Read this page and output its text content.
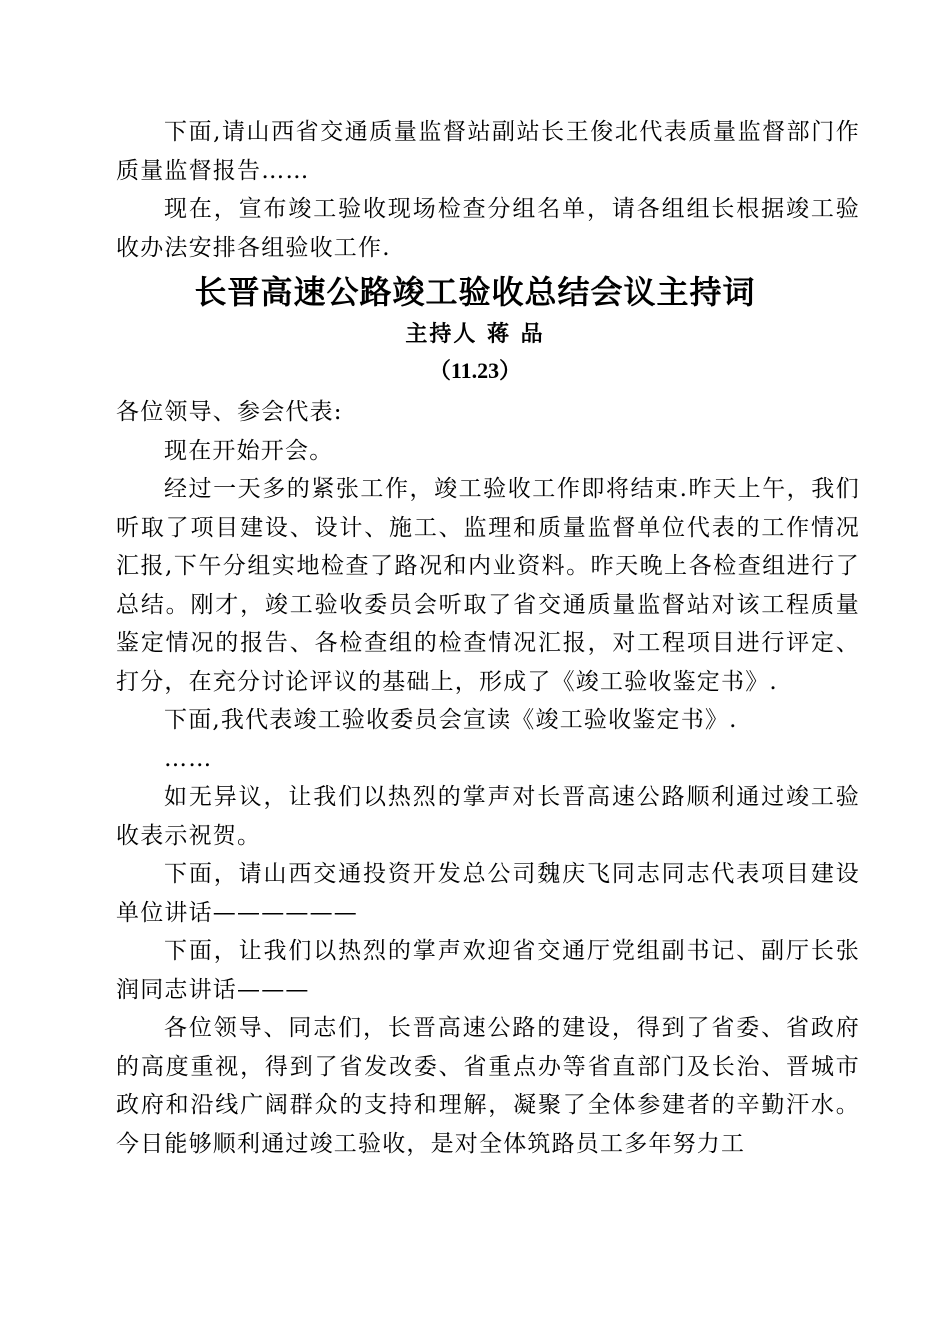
下面,请山西省交通质量监督站副站长王俊北代表质量监督部门作质量监督报告……

现在，宣布竣工验收现场检查分组名单，请各组组长根据竣工验收办法安排各组验收工作.

长晋高速公路竣工验收总结会议主持词
主持人 蒋 品
（11.23）

各位领导、参会代表:

现在开始开会。

经过一天多的紧张工作，竣工验收工作即将结束.昨天上午，我们听取了项目建设、设计、施工、监理和质量监督单位代表的工作情况汇报,下午分组实地检查了路况和内业资料。昨天晚上各检查组进行了总结。刚才，竣工验收委员会听取了省交通质量监督站对该工程质量鉴定情况的报告、各检查组的检查情况汇报，对工程项目进行评定、打分，在充分讨论评议的基础上，形成了《竣工验收鉴定书》.

下面,我代表竣工验收委员会宣读《竣工验收鉴定书》.

……

如无异议，让我们以热烈的掌声对长晋高速公路顺利通过竣工验收表示祝贺。

下面，请山西交通投资开发总公司魏庆飞同志同志代表项目建设单位讲话——————

下面，让我们以热烈的掌声欢迎省交通厅党组副书记、副厅长张润同志讲话———

各位领导、同志们，长晋高速公路的建设，得到了省委、省政府的高度重视，得到了省发改委、省重点办等省直部门及长治、晋城市政府和沿线广阔群众的支持和理解，凝聚了全体参建者的辛勤汗水。今日能够顺利通过竣工验收，是对全体筑路员工多年努力工
